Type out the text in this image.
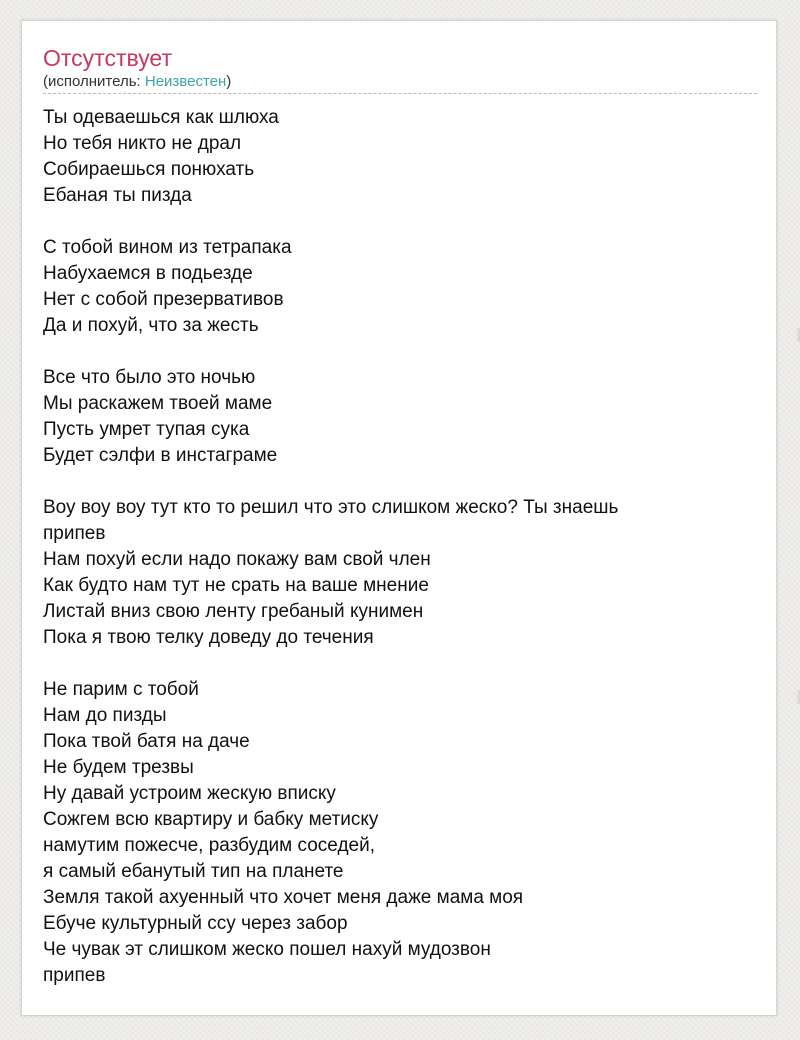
Отсутствует
(исполнитель: Неизвестен)
Ты одеваешься как шлюха
Но тебя никто не драл
Собираешься понюхать
Ебаная ты пизда

С тобой вином из тетрапака
Набухаемся в подьезде
Нет с собой презервативов
Да и похуй, что за жесть

Все что было это ночью
Мы раскажем твоей маме
Пусть умрет тупая сука
Будет сэлфи в инстаграме

Воу воу воу тут кто то решил что это слишком жеско? Ты знаешь
припев
Нам похуй если надо покажу вам свой член
Как будто нам тут не срать на ваше мнение
Листай вниз свою ленту гребаный кунимен
Пока я твою телку доведу до течения

Не парим с тобой
Нам до пизды
Пока твой батя на даче
Не будем трезвы
Ну давай устроим жескую вписку
Сожгем всю квартиру и бабку метиску
намутим пожесче, разбудим соседей,
я самый ебанутый тип на планете
Земля такой ахуенный что хочет меня даже мама моя
Ебуче культурный ссу через забор
Че чувак эт слишком жеско пошел нахуй мудозвон
припев
